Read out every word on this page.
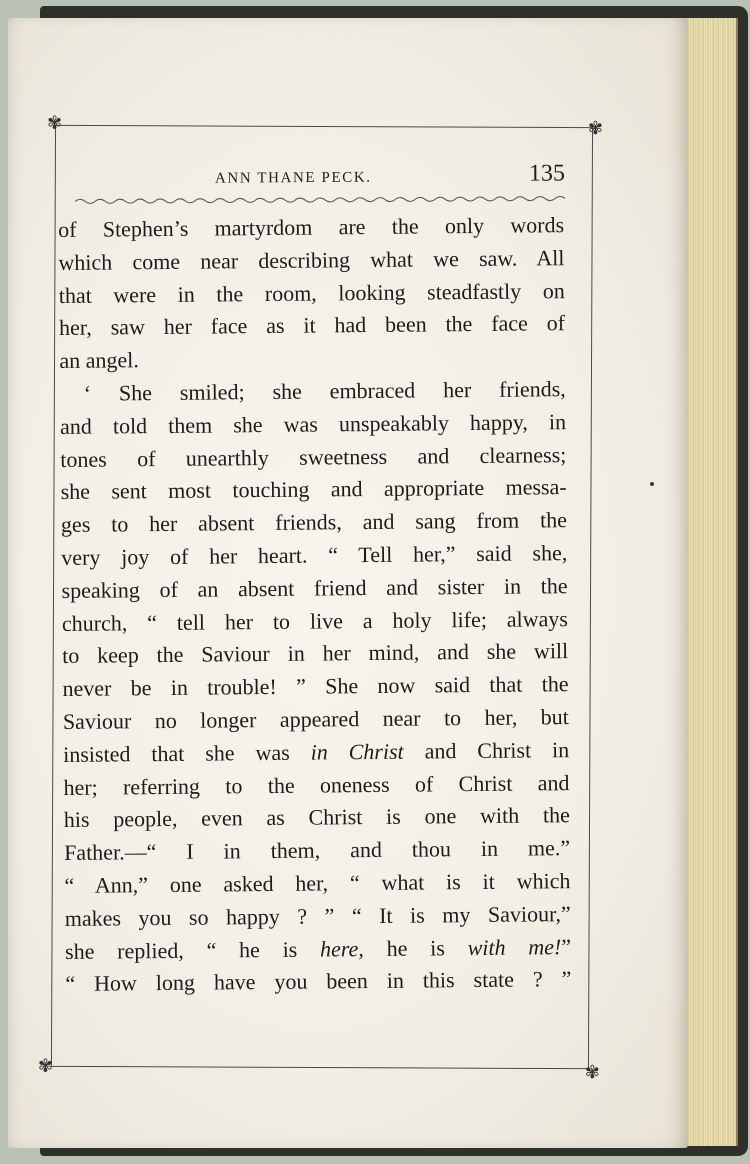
✾	✾
✾	✾
ANN THANE PECK.	135
of Stephen’s martyrdom are the only words
which come near describing what we saw. All
that were in the room, looking steadfastly on
her, saw her face as it had been the face of
an angel.
‘ She smiled; she embraced her friends,
and told them she was unspeakably happy, in
tones of unearthly sweetness and clearness;
she sent most touching and appropriate messa-
ges to her absent friends, and sang from the
very joy of her heart. “ Tell her,” said she,
speaking of an absent friend and sister in the
church, “ tell her to live a holy life; always
to keep the Saviour in her mind, and she will
never be in trouble! ” She now said that the
Saviour no longer appeared near to her, but
insisted that she was in Christ and Christ in
her; referring to the oneness of Christ and
his people, even as Christ is one with the
Father.—“ I in them, and thou in me.”
“ Ann,” one asked her, “ what is it which
makes you so happy ? ” “ It is my Saviour,”
she replied, “ he is here, he is with me!”
“ How long have you been in this state ? ”
